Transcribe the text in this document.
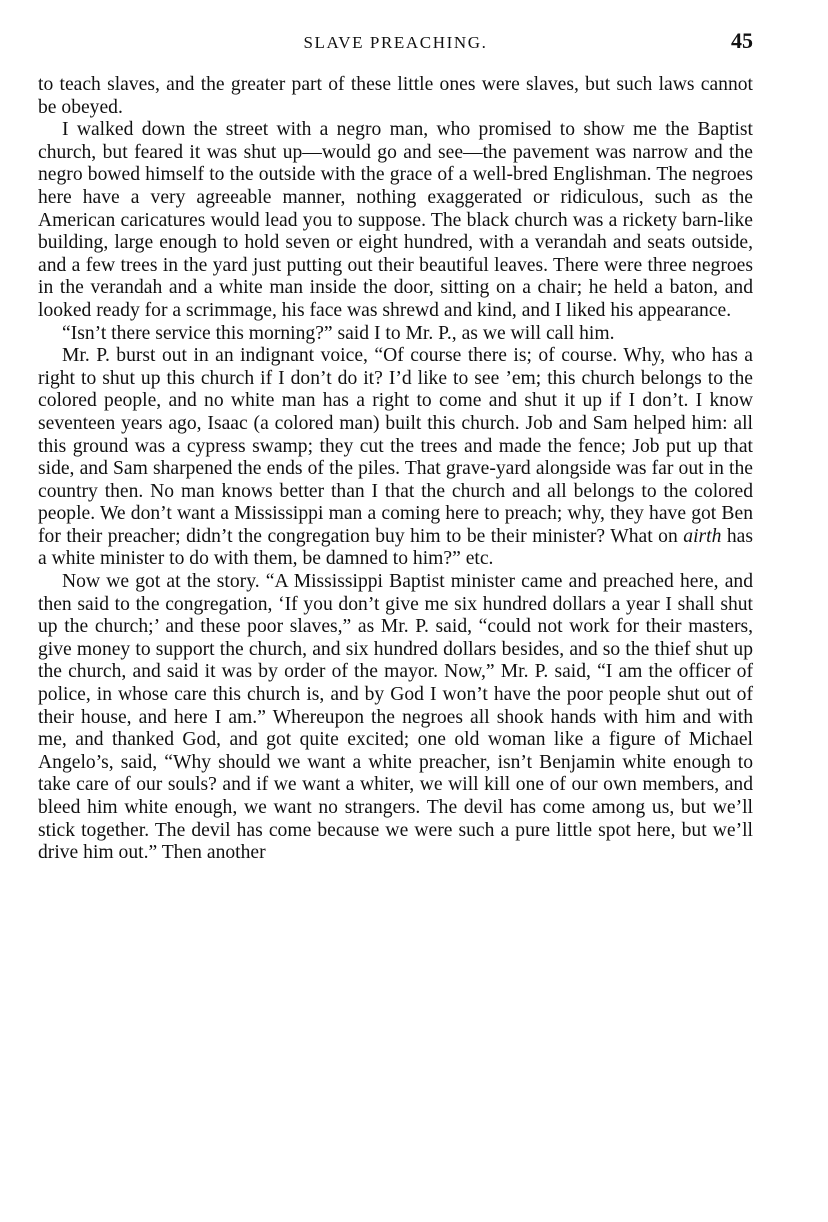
SLAVE PREACHING.	45

to teach slaves, and the greater part of these little ones were slaves, but such laws cannot be obeyed.

I walked down the street with a negro man, who promised to show me the Baptist church, but feared it was shut up—would go and see—the pavement was narrow and the negro bowed himself to the outside with the grace of a well-bred Englishman. The negroes here have a very agreeable manner, nothing exaggerated or ridiculous, such as the American caricatures would lead you to suppose. The black church was a rickety barn-like building, large enough to hold seven or eight hundred, with a verandah and seats outside, and a few trees in the yard just putting out their beautiful leaves. There were three negroes in the verandah and a white man inside the door, sitting on a chair; he held a baton, and looked ready for a scrimmage, his face was shrewd and kind, and I liked his appearance.

“Isn’t there service this morning?” said I to Mr. P., as we will call him.

Mr. P. burst out in an indignant voice, “Of course there is; of course. Why, who has a right to shut up this church if I don’t do it? I’d like to see ’em; this church belongs to the colored people, and no white man has a right to come and shut it up if I don’t. I know seventeen years ago, Isaac (a colored man) built this church. Job and Sam helped him: all this ground was a cypress swamp; they cut the trees and made the fence; Job put up that side, and Sam sharpened the ends of the piles. That grave-yard alongside was far out in the country then. No man knows better than I that the church and all belongs to the colored people. We don’t want a Mississippi man a coming here to preach; why, they have got Ben for their preacher; didn’t the congregation buy him to be their minister? What on airth has a white minister to do with them, be damned to him?” etc.

Now we got at the story. “A Mississippi Baptist minister came and preached here, and then said to the congregation, ‘If you don’t give me six hundred dollars a year I shall shut up the church;’ and these poor slaves,” as Mr. P. said, “could not work for their masters, give money to support the church, and six hundred dollars besides, and so the thief shut up the church, and said it was by order of the mayor. Now,” Mr. P. said, “I am the officer of police, in whose care this church is, and by God I won’t have the poor people shut out of their house, and here I am.” Whereupon the negroes all shook hands with him and with me, and thanked God, and got quite excited; one old woman like a figure of Michael Angelo’s, said, “Why should we want a white preacher, isn’t Benjamin white enough to take care of our souls? and if we want a whiter, we will kill one of our own members, and bleed him white enough, we want no strangers. The devil has come among us, but we’ll stick together. The devil has come because we were such a pure little spot here, but we’ll drive him out.” Then another
